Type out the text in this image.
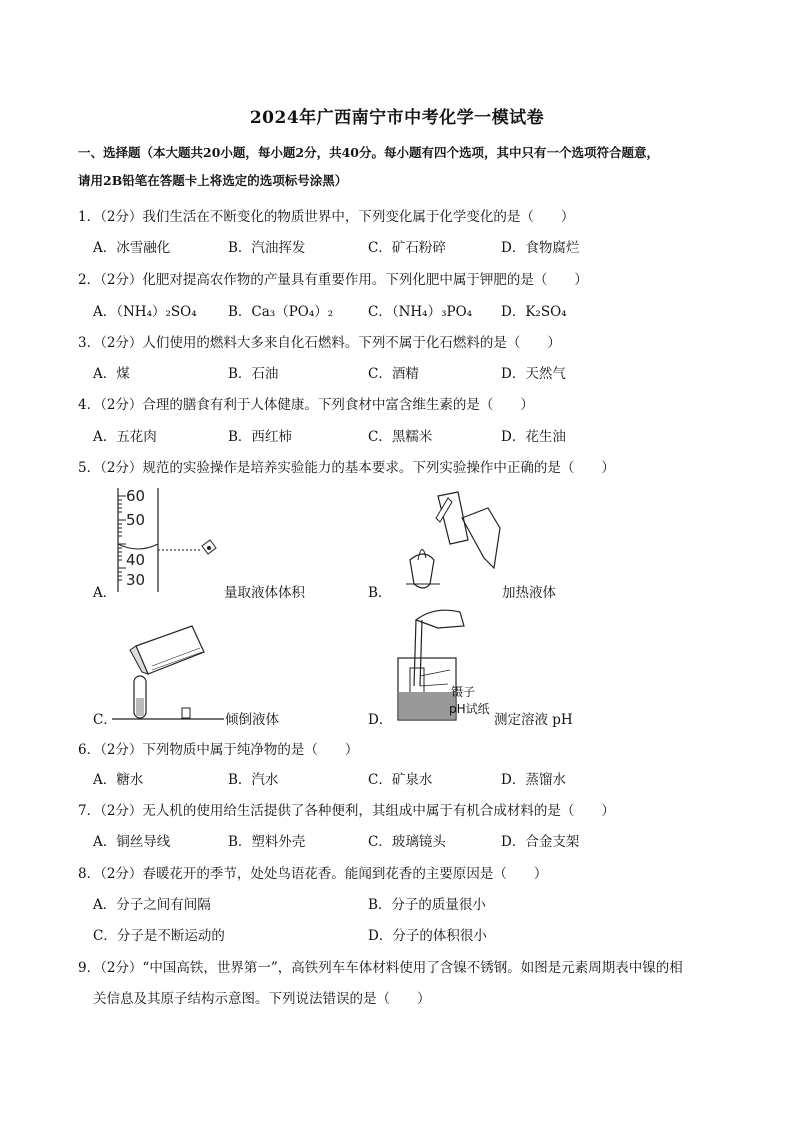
2024年广西南宁市中考化学一模试卷
一、选择题（本大题共20小题，每小题2分，共40分。每小题有四个选项，其中只有一个选项符合题意，
请用2B铅笔在答题卡上将选定的选项标号涂黑）
1．（2分）我们生活在不断变化的物质世界中，下列变化属于化学变化的是（　　）
A．冰雪融化	B．汽油挥发	C．矿石粉碎	D．食物腐烂
2．（2分）化肥对提高农作物的产量具有重要作用。下列化肥中属于钾肥的是（　　）
A．（NH₄）₂SO₄ B．Ca₃（PO₄）₂	C．（NH₄）₃PO₄ D．K₂SO₄
3．（2分）人们使用的燃料大多来自化石燃料。下列不属于化石燃料的是（　　）
A．煤	B．石油	C．酒精	D．天然气
4．（2分）合理的膳食有利于人体健康。下列食材中富含维生素的是（　　）
A．五花肉	B．西红柿	C．黑糯米	D．花生油
5．（2分）规范的实验操作是培养实验能力的基本要求。下列实验操作中正确的是（　　）
A．
60
50
40
30
量取液体体积	B．	加热液体
C．	倾倒液体	D．
镊子
pH试纸
测定溶液 pH
6．（2分）下列物质中属于纯净物的是（　　）
A．糖水	B．汽水	C．矿泉水	D．蒸馏水
7．（2分）无人机的使用给生活提供了各种便利，其组成中属于有机合成材料的是（　　）
A．铜丝导线	B．塑料外壳	C．玻璃镜头	D．合金支架
8．（2分）春暖花开的季节，处处鸟语花香。能闻到花香的主要原因是（　　）
A．分子之间有间隔	B．分子的质量很小
C．分子是不断运动的	D．分子的体积很小
9．（2分）“中国高铁，世界第一”，高铁列车车体材料使用了含镍不锈钢。如图是元素周期表中镍的相
关信息及其原子结构示意图。下列说法错误的是（　　）
